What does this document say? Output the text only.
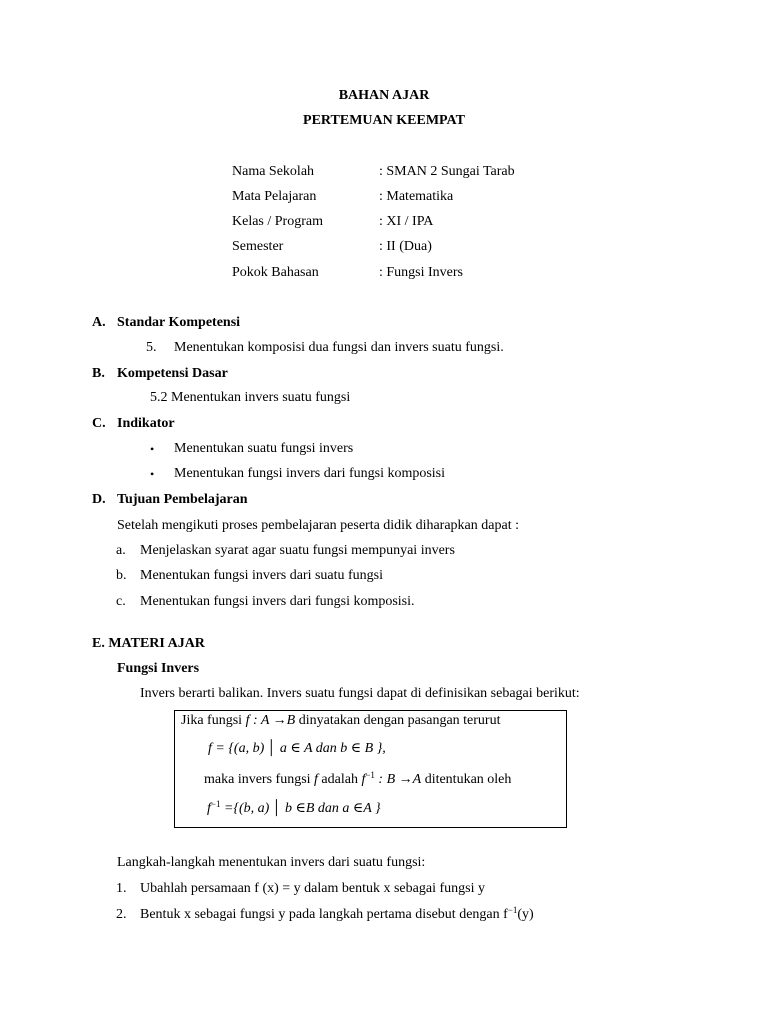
BAHAN AJAR
PERTEMUAN KEEMPAT
Nama Sekolah	: SMAN 2 Sungai Tarab
Mata Pelajaran	: Matematika
Kelas / Program	: XI / IPA
Semester	: II (Dua)
Pokok Bahasan	: Fungsi Invers
A. Standar Kompetensi
5. Menentukan komposisi dua fungsi dan invers suatu fungsi.
B. Kompetensi Dasar
5.2 Menentukan invers suatu fungsi
C. Indikator
• Menentukan suatu fungsi invers
• Menentukan fungsi invers dari fungsi komposisi
D. Tujuan Pembelajaran
Setelah mengikuti proses pembelajaran peserta didik diharapkan dapat :
a. Menjelaskan syarat agar suatu fungsi mempunyai invers
b. Menentukan fungsi invers dari suatu fungsi
c. Menentukan fungsi invers dari fungsi komposisi.
E. MATERI AJAR
Fungsi Invers
Invers berarti balikan. Invers suatu fungsi dapat di definisikan sebagai berikut:
Jika fungsi f : A →B dinyatakan dengan pasangan terurut
f = {(a, b) │ a ∈ A dan b ∈ B },
maka invers fungsi f adalah $f^{-1}$ : B →A ditentukan oleh
$f^{-1} =\{(b$, a) │ b ∈B dan a ∈A }
Langkah-langkah menentukan invers dari suatu fungsi:
1. Ubahlah persamaan f (x) = y dalam bentuk x sebagai fungsi y
2. Bentuk x sebagai fungsi y pada langkah pertama disebut dengan $f^{-1}(y)$
